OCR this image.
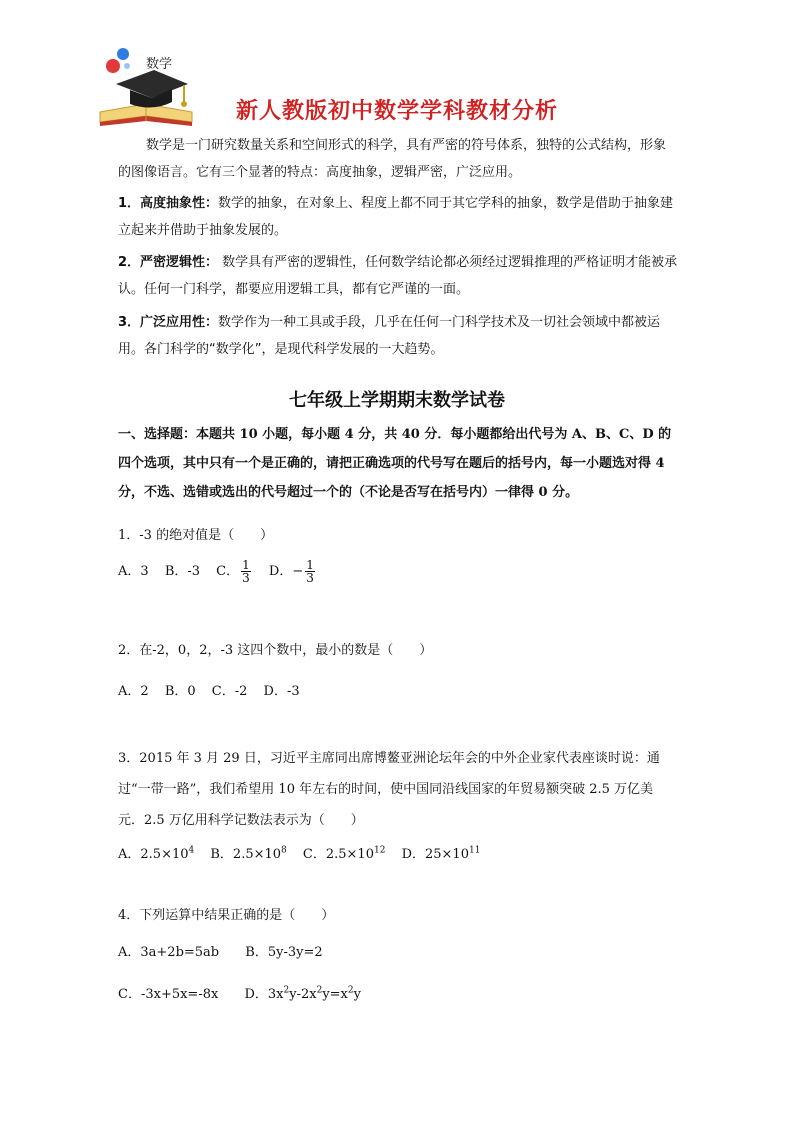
数学
新人教版初中数学学科教材分析
数学是一门研究数量关系和空间形式的科学，具有严密的符号体系，独特的公式结构，形象的图像语言。它有三个显著的特点：高度抽象，逻辑严密，广泛应用。
1．高度抽象性：数学的抽象，在对象上、程度上都不同于其它学科的抽象，数学是借助于抽象建立起来并借助于抽象发展的。
2．严密逻辑性： 数学具有严密的逻辑性，任何数学结论都必须经过逻辑推理的严格证明才能被承认。任何一门科学，都要应用逻辑工具，都有它严谨的一面。
3．广泛应用性：数学作为一种工具或手段，几乎在任何一门科学技术及一切社会领域中都被运用。各门科学的“数学化”，是现代科学发展的一大趋势。
七年级上学期期末数学试卷
一、选择题：本题共 10 小题，每小题 4 分，共 40 分．每小题都给出代号为 A、B、C、D 的四个选项，其中只有一个是正确的，请把正确选项的代号写在题后的括号内，每一小题选对得 4 分，不选、选错或选出的代号超过一个的（不论是否写在括号内）一律得 0 分。
1．-3 的绝对值是（　　）
A．3 B．-3 C． $\frac{1}{3}$ D．− $\frac{1}{3}$
2．在-2，0，2，-3 这四个数中，最小的数是（　　）
A．2 B．0 C．-2 D．-3
3．2015 年 3 月 29 日，习近平主席同出席博鳌亚洲论坛年会的中外企业家代表座谈时说：通过“一带一路”，我们希望用 10 年左右的时间，使中国同沿线国家的年贸易额突破 2.5 万亿美元．2.5 万亿用科学记数法表示为（　　）
A．$2.5\times 10^4$ B．$2.5\times 10^8$ C．$2.5\times 10^{12}$ D．$25\times 10^{11}$
4．下列运算中结果正确的是（　　）
A．3a+2b=5ab B．5y-3y=2
C．-3x+5x=-8x D．$3x^2y-2x^2y=x^2y$
